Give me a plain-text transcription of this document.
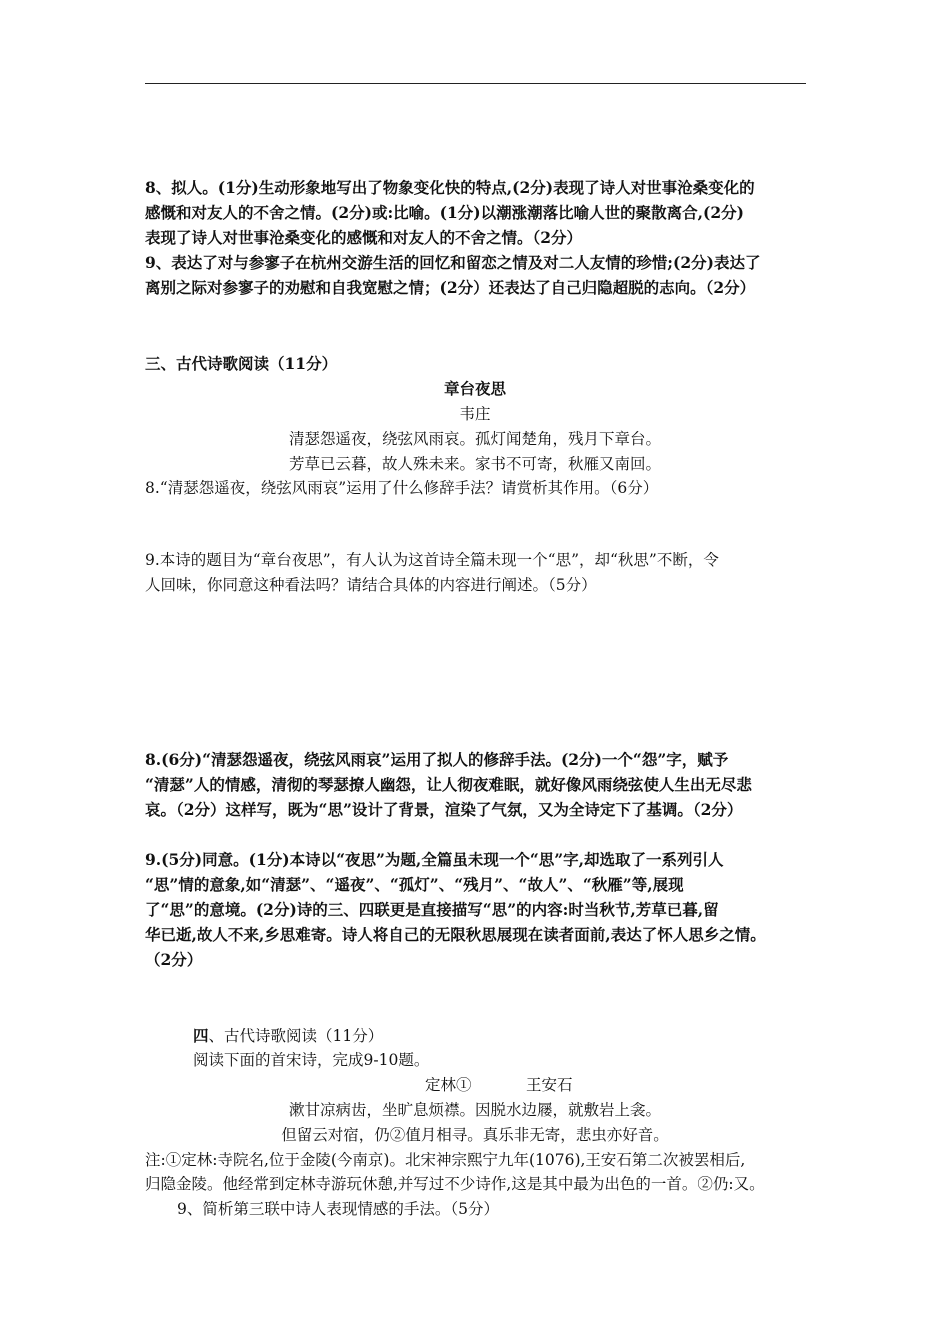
8、拟人。(1分)生动形象地写出了物象变化快的特点,(2分)表现了诗人对世事沧桑变化的
感慨和对友人的不舍之情。(2分)或:比喻。(1分)以潮涨潮落比喻人世的聚散离合,(2分)
表现了诗人对世事沧桑变化的感慨和对友人的不舍之情。（2分）
9、表达了对与参寥子在杭州交游生活的回忆和留恋之情及对二人友情的珍惜;(2分)表达了
离别之际对参寥子的劝慰和自我宽慰之情；(2分）还表达了自己归隐超脱的志向。（2分）
三、古代诗歌阅读（11分）
章台夜思
韦庄
清瑟怨遥夜，绕弦风雨哀。孤灯闻楚角，残月下章台。
芳草已云暮，故人殊未来。家书不可寄，秋雁又南回。
8.“清瑟怨遥夜，绕弦风雨哀”运用了什么修辞手法？请赏析其作用。（6分）
9.本诗的题目为“章台夜思”，有人认为这首诗全篇未现一个“思”，却“秋思”不断，令
人回味，你同意这种看法吗？请结合具体的内容进行阐述。（5分）
8.(6分)“清瑟怨遥夜，绕弦风雨哀”运用了拟人的修辞手法。(2分)一个“怨”字，赋予
“清瑟”人的情感，清彻的琴瑟撩人幽怨，让人彻夜难眠，就好像风雨绕弦使人生出无尽悲
哀。（2分）这样写，既为“思”设计了背景，渲染了气氛，又为全诗定下了基调。（2分）
9.(5分)同意。(1分)本诗以“夜思”为题,全篇虽未现一个“思”字,却选取了一系列引人
“思”情的意象,如“清瑟”、“遥夜”、“孤灯”、“残月”、“故人”、“秋雁”等,展现
了“思”的意境。(2分)诗的三、四联更是直接描写“思”的内容:时当秋节,芳草已暮,留
华已逝,故人不来,乡思难寄。诗人将自己的无限秋思展现在读者面前,表达了怀人思乡之情。
（2分）
四、古代诗歌阅读（11分）
阅读下面的首宋诗，完成9-10题。
定林①	王安石
漱甘凉病齿，坐旷息烦襟。因脱水边屦，就敷岩上衾。
但留云对宿，仍②值月相寻。真乐非无寄，悲虫亦好音。
注:①定林:寺院名,位于金陵(今南京)。北宋神宗熙宁九年(1076),王安石第二次被罢相后,
归隐金陵。他经常到定林寺游玩休憩,并写过不少诗作,这是其中最为出色的一首。②仍:又。
9、简析第三联中诗人表现情感的手法。（5分）
